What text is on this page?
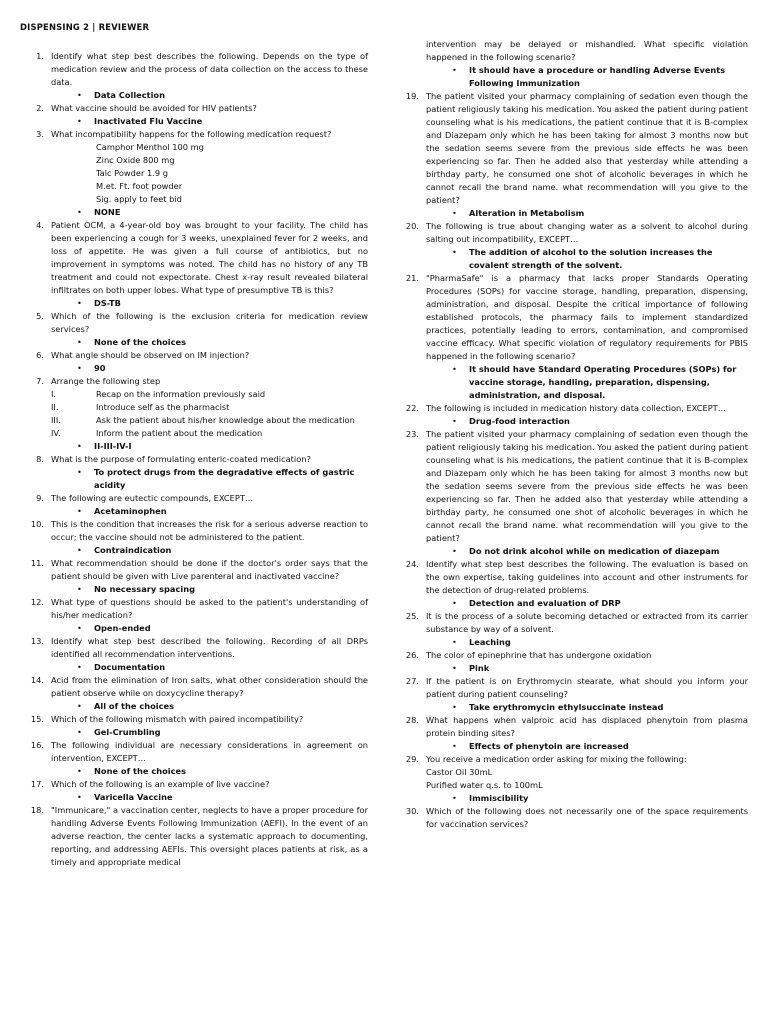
DISPENSING 2 | REVIEWER
1. Identify what step best describes the following. Depends on the type of medication review and the process of data collection on the access to these data.
• Data Collection
2. What vaccine should be avoided for HIV patients?
• Inactivated Flu Vaccine
3. What incompatibility happens for the following medication request?
Camphor Menthol 100 mg
Zinc Oxide 800 mg
Talc Powder 1.9 g
M.et. Ft. foot powder
Sig. apply to feet bid
• NONE
4. Patient OCM, a 4-year-old boy was brought to your facility. The child has been experiencing a cough for 3 weeks, unexplained fever for 2 weeks, and loss of appetite. He was given a full course of antibiotics, but no improvement in symptoms was noted. The child has no history of any TB treatment and could not expectorate. Chest x-ray result revealed bilateral infiltrates on both upper lobes. What type of presumptive TB is this?
• DS-TB
5. Which of the following is the exclusion criteria for medication review services?
• None of the choices
6. What angle should be observed on IM injection?
• 90
7. Arrange the following step
I.	Recap on the information previously said
II.	Introduce self as the pharmacist
III.	Ask the patient about his/her knowledge about the medication
IV.	Inform the patient about the medication
• II-III-IV-I
8. What is the purpose of formulating enteric-coated medication?
• To protect drugs from the degradative effects of gastric acidity
9. The following are eutectic compounds, EXCEPT…
• Acetaminophen
10. This is the condition that increases the risk for a serious adverse reaction to occur; the vaccine should not be administered to the patient.
• Contraindication
11. What recommendation should be done if the doctor's order says that the patient should be given with Live parenteral and inactivated vaccine?
• No necessary spacing
12. What type of questions should be asked to the patient's understanding of his/her medication?
• Open-ended
13. Identify what step best described the following. Recording of all DRPs identified all recommendation interventions.
• Documentation
14. Acid from the elimination of Iron salts, what other consideration should the patient observe while on doxycycline therapy?
• All of the choices
15. Which of the following mismatch with paired incompatibility?
• Gel-Crumbling
16. The following individual are necessary considerations in agreement on intervention, EXCEPT…
• None of the choices
17. Which of the following is an example of live vaccine?
• Varicella Vaccine
18. "Immunicare," a vaccination center, neglects to have a proper procedure for handling Adverse Events Following Immunization (AEFI). In the event of an adverse reaction, the center lacks a systematic approach to documenting, reporting, and addressing AEFIs. This oversight places patients at risk, as a timely and appropriate medical
intervention may be delayed or mishandled. What specific violation happened in the following scenario?
• It should have a procedure or handling Adverse Events Following Immunization
19. The patient visited your pharmacy complaining of sedation even though the patient religiously taking his medication. You asked the patient during patient counseling what is his medications, the patient continue that it is B-complex and Diazepam only which he has been taking for almost 3 months now but the sedation seems severe from the previous side effects he was been experiencing so far. Then he added also that yesterday while attending a birthday party, he consumed one shot of alcoholic beverages in which he cannot recall the brand name. what recommendation will you give to the patient?
• Alteration in Metabolism
20. The following is true about changing water as a solvent to alcohol during salting out incompatibility, EXCEPT…
• The addition of alcohol to the solution increases the covalent strength of the solvent.
21. "PharmaSafe" is a pharmacy that lacks proper Standards Operating Procedures (SOPs) for vaccine storage, handling, preparation, dispensing, administration, and disposal. Despite the critical importance of following established protocols, the pharmacy fails to implement standardized practices, potentially leading to errors, contamination, and compromised vaccine efficacy. What specific violation of regulatory requirements for PBIS happened in the following scenario?
• It should have Standard Operating Procedures (SOPs) for vaccine storage, handling, preparation, dispensing, administration, and disposal.
22. The following is included in medication history data collection, EXCEPT…
• Drug-food interaction
23. The patient visited your pharmacy complaining of sedation even though the patient religiously taking his medication. You asked the patient during patient counseling what is his medications, the patient continue that it is B-complex and Diazepam only which he has been taking for almost 3 months now but the sedation seems severe from the previous side effects he was been experiencing so far. Then he added also that yesterday while attending a birthday party, he consumed one shot of alcoholic beverages in which he cannot recall the brand name. what recommendation will you give to the patient?
• Do not drink alcohol while on medication of diazepam
24. Identify what step best describes the following. The evaluation is based on the own expertise, taking guidelines into account and other instruments for the detection of drug-related problems.
• Detection and evaluation of DRP
25. It is the process of a solute becoming detached or extracted from its carrier substance by way of a solvent.
• Leaching
26. The color of epinephrine that has undergone oxidation
• Pink
27. If the patient is on Erythromycin stearate, what should you inform your patient during patient counseling?
• Take erythromycin ethylsuccinate instead
28. What happens when valproic acid has displaced phenytoin from plasma protein binding sites?
• Effects of phenytoin are increased
29. You receive a medication order asking for mixing the following:
Castor Oil 30mL
Purified water q.s. to 100mL
• Immiscibility
30. Which of the following does not necessarily one of the space requirements for vaccination services?
